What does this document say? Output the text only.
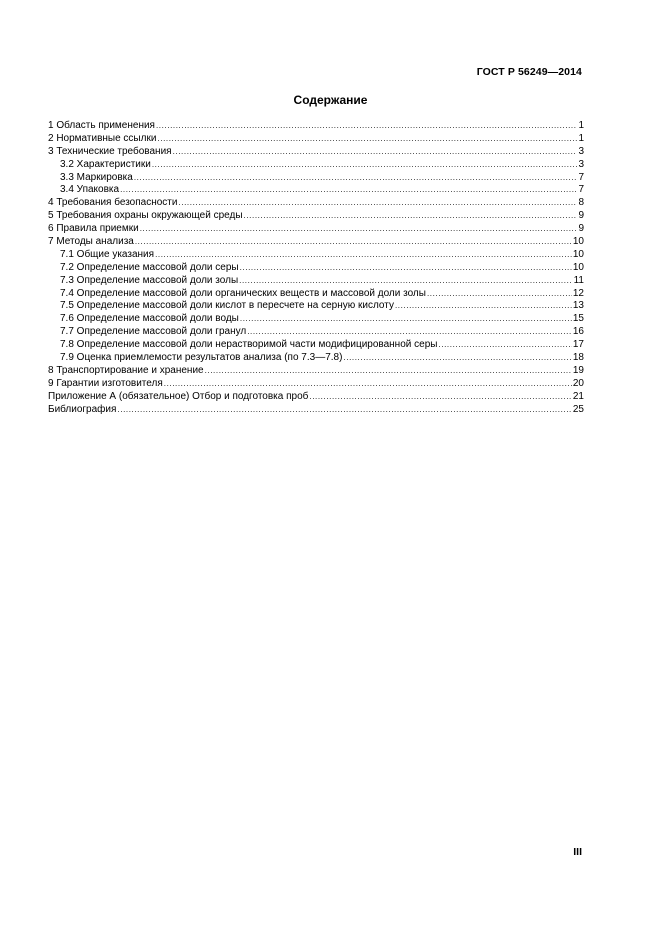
ГОСТ Р 56249—2014
Содержание
1 Область применения .....	1
2 Нормативные ссылки .....	1
3 Технические требования .....	3
3.2 Характеристики .....	3
3.3 Маркировка .....	7
3.4 Упаковка .....	7
4 Требования безопасности .....	8
5 Требования охраны окружающей среды .....	9
6 Правила приемки .....	9
7 Методы анализа .....	10
7.1 Общие указания .....	10
7.2 Определение массовой доли серы .....	10
7.3 Определение массовой доли золы .....	11
7.4 Определение массовой доли органических веществ и массовой доли золы .....	12
7.5 Определение массовой доли кислот в пересчете на серную кислоту .....	13
7.6 Определение массовой доли воды .....	15
7.7 Определение массовой доли гранул .....	16
7.8 Определение массовой доли нерастворимой части модифицированной серы .....	17
7.9 Оценка приемлемости результатов анализа (по 7.3—7.8) .....	18
8 Транспортирование и хранение .....	19
9 Гарантии изготовителя .....	20
Приложение А (обязательное) Отбор и подготовка проб .....	21
Библиография .....	25
III
